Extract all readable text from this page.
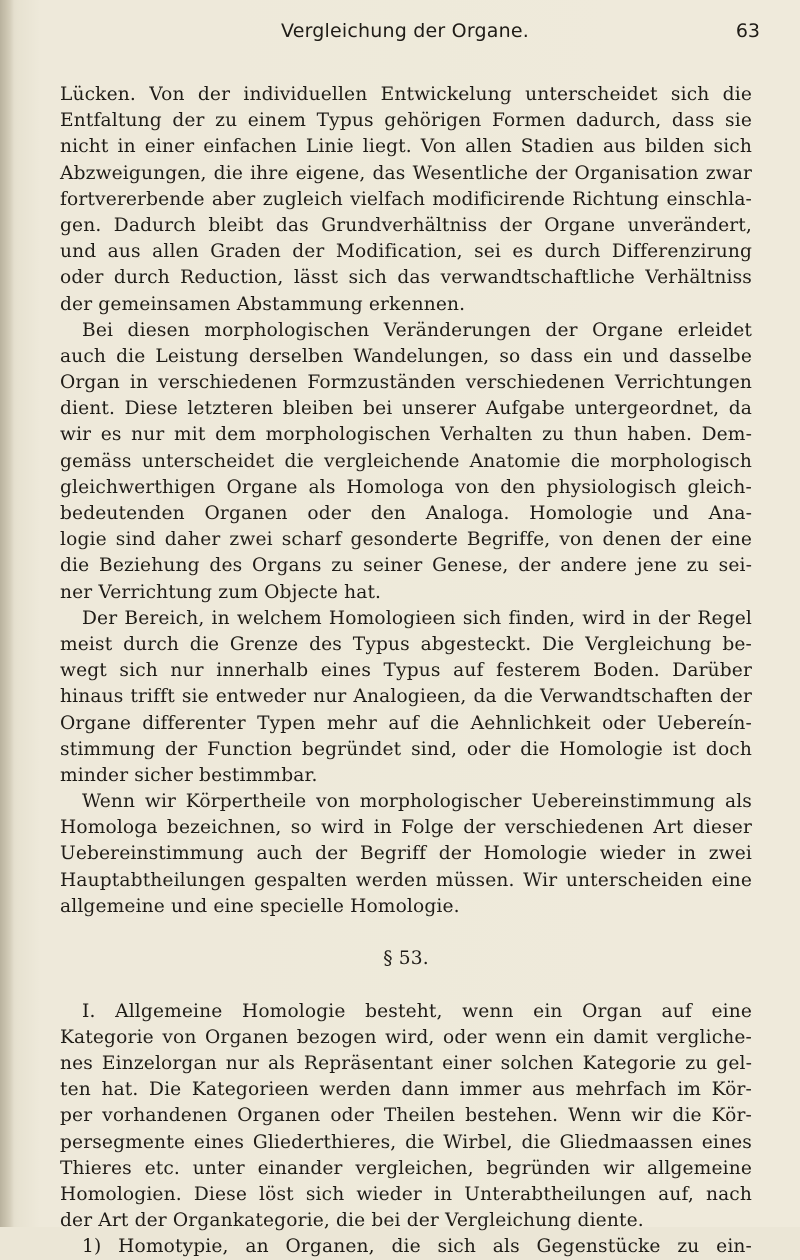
Vergleichung der Organe.	63
Lücken. Von der individuellen Entwickelung unterscheidet sich die
Entfaltung der zu einem Typus gehörigen Formen dadurch, dass sie
nicht in einer einfachen Linie liegt. Von allen Stadien aus bilden sich
Abzweigungen, die ihre eigene, das Wesentliche der Organisation zwar
fortvererbende aber zugleich vielfach modificirende Richtung einschla-
gen. Dadurch bleibt das Grundverhältniss der Organe unverändert,
und aus allen Graden der Modification, sei es durch Differenzirung
oder durch Reduction, lässt sich das verwandtschaftliche Verhältniss
der gemeinsamen Abstammung erkennen.
Bei diesen morphologischen Veränderungen der Organe erleidet
auch die Leistung derselben Wandelungen, so dass ein und dasselbe
Organ in verschiedenen Formzuständen verschiedenen Verrichtungen
dient. Diese letzteren bleiben bei unserer Aufgabe untergeordnet, da
wir es nur mit dem morphologischen Verhalten zu thun haben. Dem-
gemäss unterscheidet die vergleichende Anatomie die morphologisch
gleichwerthigen Organe als Homologa von den physiologisch gleich-
bedeutenden Organen oder den Analoga. Homologie und Ana-
logie sind daher zwei scharf gesonderte Begriffe, von denen der eine
die Beziehung des Organs zu seiner Genese, der andere jene zu sei-
ner Verrichtung zum Objecte hat.
Der Bereich, in welchem Homologieen sich finden, wird in der Regel
meist durch die Grenze des Typus abgesteckt. Die Vergleichung be-
wegt sich nur innerhalb eines Typus auf festerem Boden. Darüber
hinaus trifft sie entweder nur Analogieen, da die Verwandtschaften der
Organe differenter Typen mehr auf die Aehnlichkeit oder Uebereín-
stimmung der Function begründet sind, oder die Homologie ist doch
minder sicher bestimmbar.
Wenn wir Körpertheile von morphologischer Uebereinstimmung als
Homologa bezeichnen, so wird in Folge der verschiedenen Art dieser
Uebereinstimmung auch der Begriff der Homologie wieder in zwei
Hauptabtheilungen gespalten werden müssen. Wir unterscheiden eine
allgemeine und eine specielle Homologie.
§ 53.
I. Allgemeine Homologie besteht, wenn ein Organ auf eine
Kategorie von Organen bezogen wird, oder wenn ein damit vergliche-
nes Einzelorgan nur als Repräsentant einer solchen Kategorie zu gel-
ten hat. Die Kategorieen werden dann immer aus mehrfach im Kör-
per vorhandenen Organen oder Theilen bestehen. Wenn wir die Kör-
persegmente eines Gliederthieres, die Wirbel, die Gliedmaassen eines
Thieres etc. unter einander vergleichen, begründen wir allgemeine
Homologien. Diese löst sich wieder in Unterabtheilungen auf, nach
der Art der Organkategorie, die bei der Vergleichung diente.
1) Homotypie, an Organen, die sich als Gegenstücke zu ein-
